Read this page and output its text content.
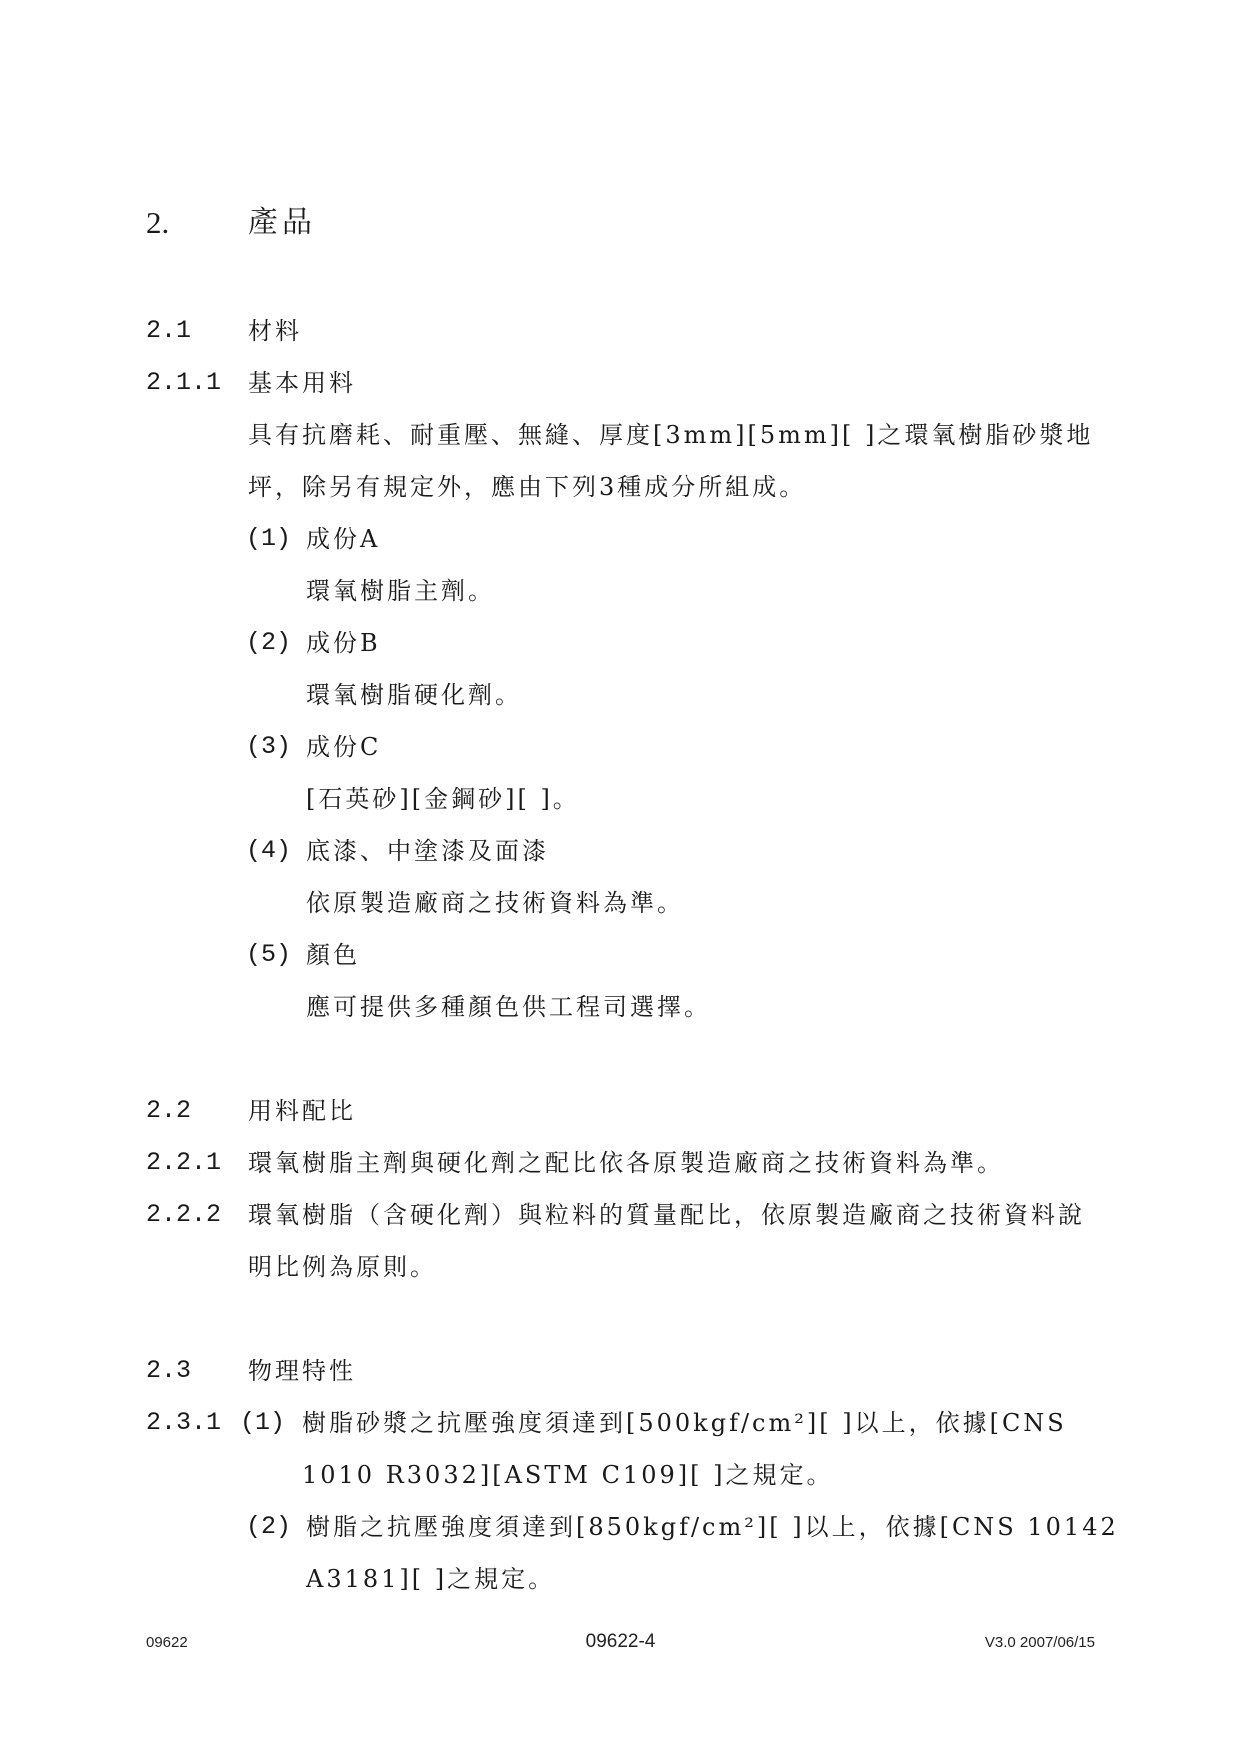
2.	產品
2.1 材料
2.1.1 基本用料
具有抗磨耗、耐重壓、無縫、厚度[3mm][5mm][ ]之環氧樹脂砂漿地
坪，除另有規定外，應由下列3種成分所組成。
(1) 成份A
環氧樹脂主劑。
(2) 成份B
環氧樹脂硬化劑。
(3) 成份C
[石英砂][金鋼砂][ ]。
(4) 底漆、中塗漆及面漆
依原製造廠商之技術資料為準。
(5) 顏色
應可提供多種顏色供工程司選擇。
2.2 用料配比
2.2.1 環氧樹脂主劑與硬化劑之配比依各原製造廠商之技術資料為準。
2.2.2 環氧樹脂（含硬化劑）與粒料的質量配比，依原製造廠商之技術資料說
明比例為原則。
2.3 物理特性
2.3.1 (1) 樹脂砂漿之抗壓強度須達到[500kgf/cm²][ ]以上，依據[CNS
1010 R3032][ASTM C109][ ]之規定。
(2) 樹脂之抗壓強度須達到[850kgf/cm²][ ]以上，依據[CNS 10142
A3181][ ]之規定。
09622	09622-4	V3.0 2007/06/15
